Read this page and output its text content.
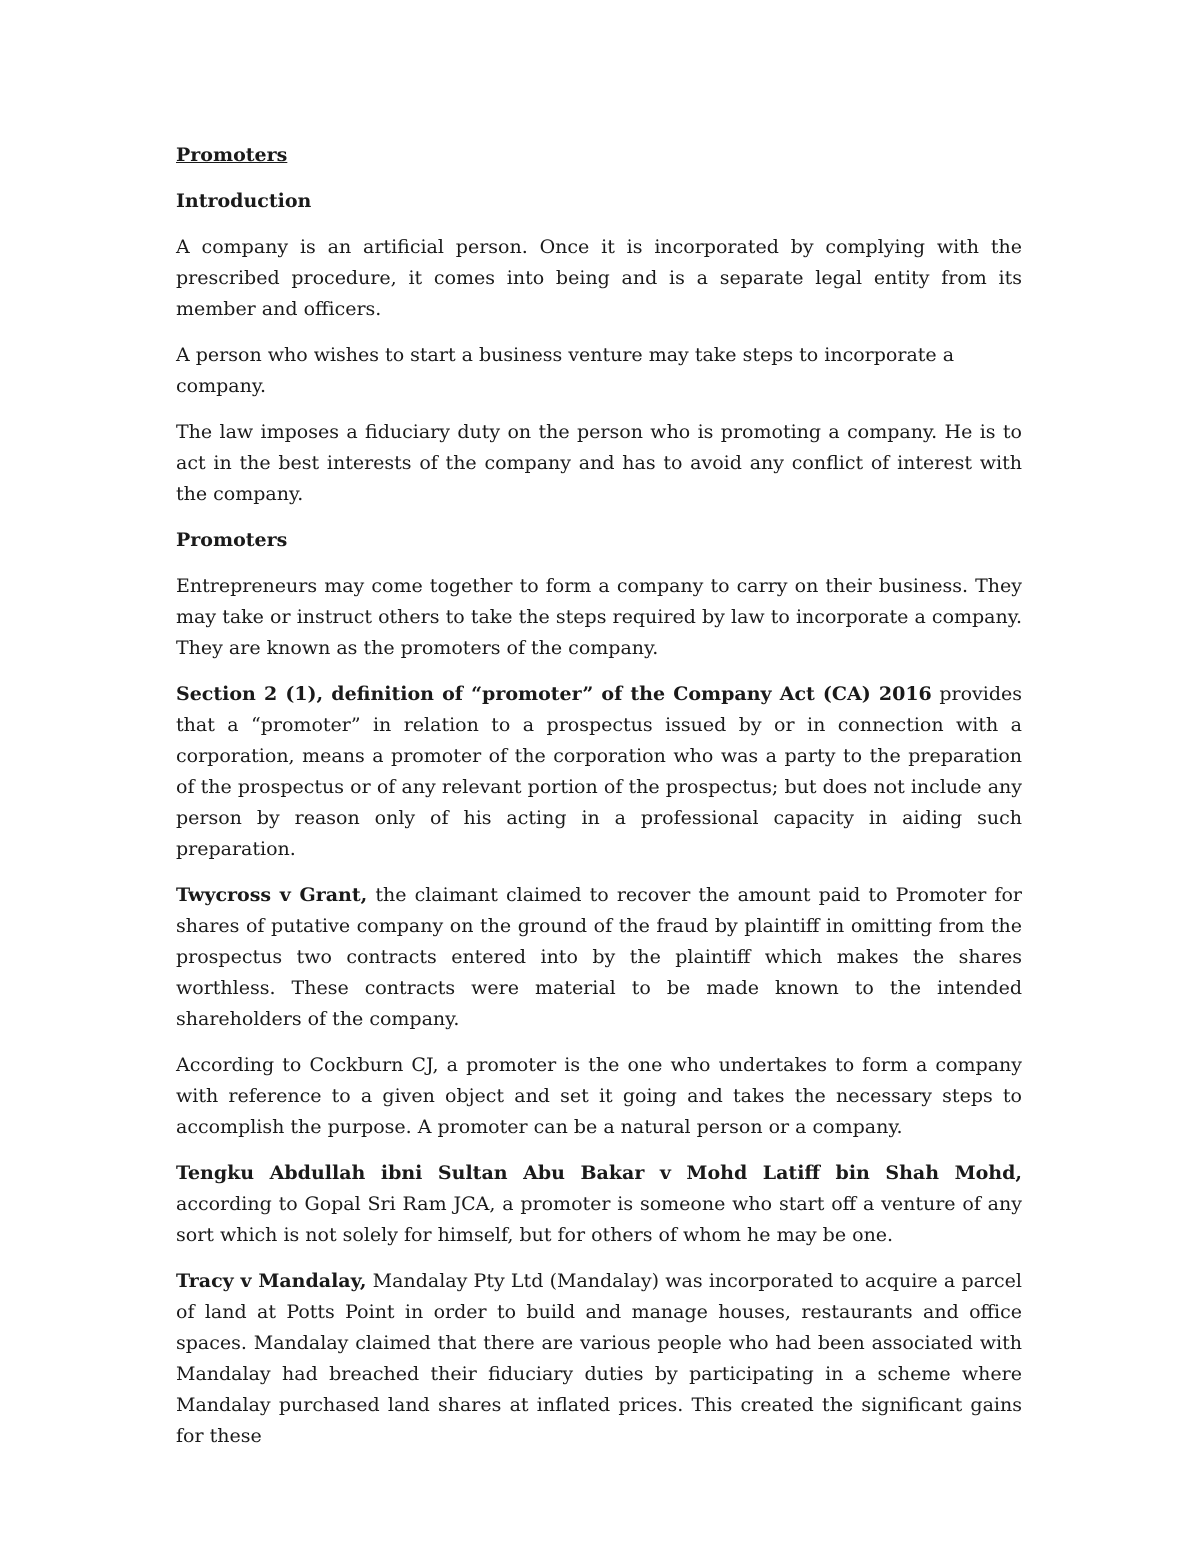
Promoters
Introduction

A company is an artificial person. Once it is incorporated by complying with the prescribed procedure, it comes into being and is a separate legal entity from its member and officers.

A person who wishes to start a business venture may take steps to incorporate a company.

The law imposes a fiduciary duty on the person who is promoting a company. He is to act in the best interests of the company and has to avoid any conflict of interest with the company.

Promoters

Entrepreneurs may come together to form a company to carry on their business. They may take or instruct others to take the steps required by law to incorporate a company. They are known as the promoters of the company.

Section 2 (1), definition of “promoter” of the Company Act (CA) 2016 provides that a “promoter” in relation to a prospectus issued by or in connection with a corporation, means a promoter of the corporation who was a party to the preparation of the prospectus or of any relevant portion of the prospectus; but does not include any person by reason only of his acting in a professional capacity in aiding such preparation.

Twycross v Grant, the claimant claimed to recover the amount paid to Promoter for shares of putative company on the ground of the fraud by plaintiff in omitting from the prospectus two contracts entered into by the plaintiff which makes the shares worthless. These contracts were material to be made known to the intended shareholders of the company.

According to Cockburn CJ, a promoter is the one who undertakes to form a company with reference to a given object and set it going and takes the necessary steps to accomplish the purpose. A promoter can be a natural person or a company.

Tengku Abdullah ibni Sultan Abu Bakar v Mohd Latiff bin Shah Mohd, according to Gopal Sri Ram JCA, a promoter is someone who start off a venture of any sort which is not solely for himself, but for others of whom he may be one.

Tracy v Mandalay, Mandalay Pty Ltd (Mandalay) was incorporated to acquire a parcel of land at Potts Point in order to build and manage houses, restaurants and office spaces. Mandalay claimed that there are various people who had been associated with Mandalay had breached their fiduciary duties by participating in a scheme where Mandalay purchased land shares at inflated prices. This created the significant gains for these
